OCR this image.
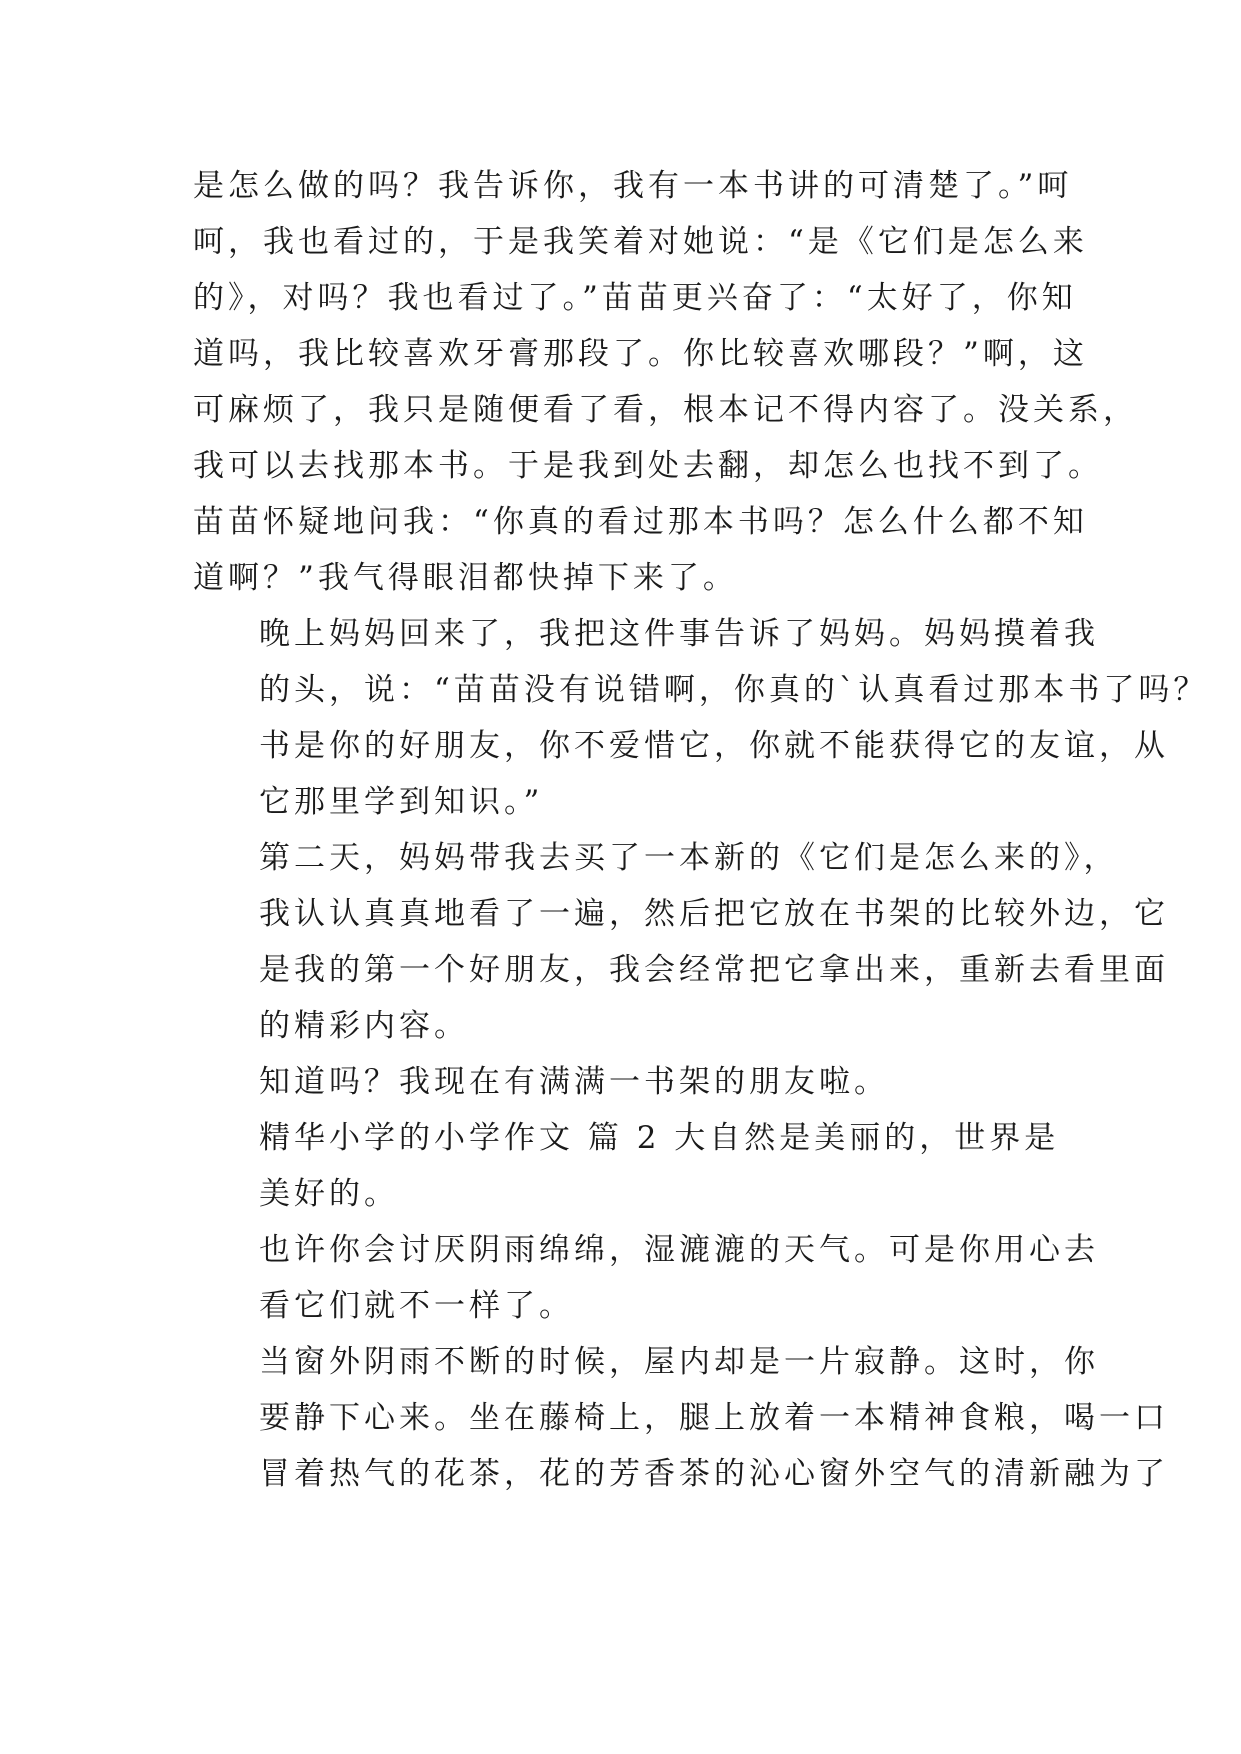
是怎么做的吗？我告诉你，我有一本书讲的可清楚了。”呵
呵，我也看过的，于是我笑着对她说：“是《它们是怎么来
的》，对吗？我也看过了。”苗苗更兴奋了：“太好了，你知
道吗，我比较喜欢牙膏那段了。你比较喜欢哪段？”啊，这
可麻烦了，我只是随便看了看，根本记不得内容了。没关系，
我可以去找那本书。于是我到处去翻，却怎么也找不到了。
苗苗怀疑地问我：“你真的看过那本书吗？怎么什么都不知
道啊？”我气得眼泪都快掉下来了。

晚上妈妈回来了，我把这件事告诉了妈妈。妈妈摸着我
的头，说：“苗苗没有说错啊，你真的`认真看过那本书了吗？
书是你的好朋友，你不爱惜它，你就不能获得它的友谊，从
它那里学到知识。”

第二天，妈妈带我去买了一本新的《它们是怎么来的》，
我认认真真地看了一遍，然后把它放在书架的比较外边，它
是我的第一个好朋友，我会经常把它拿出来，重新去看里面
的精彩内容。

知道吗？我现在有满满一书架的朋友啦。

精华小学的小学作文 篇 2 大自然是美丽的，世界是
美好的。

也许你会讨厌阴雨绵绵，湿漉漉的天气。可是你用心去
看它们就不一样了。

当窗外阴雨不断的时候，屋内却是一片寂静。这时，你
要静下心来。坐在藤椅上，腿上放着一本精神食粮，喝一口
冒着热气的花茶，花的芳香茶的沁心窗外空气的清新融为了
